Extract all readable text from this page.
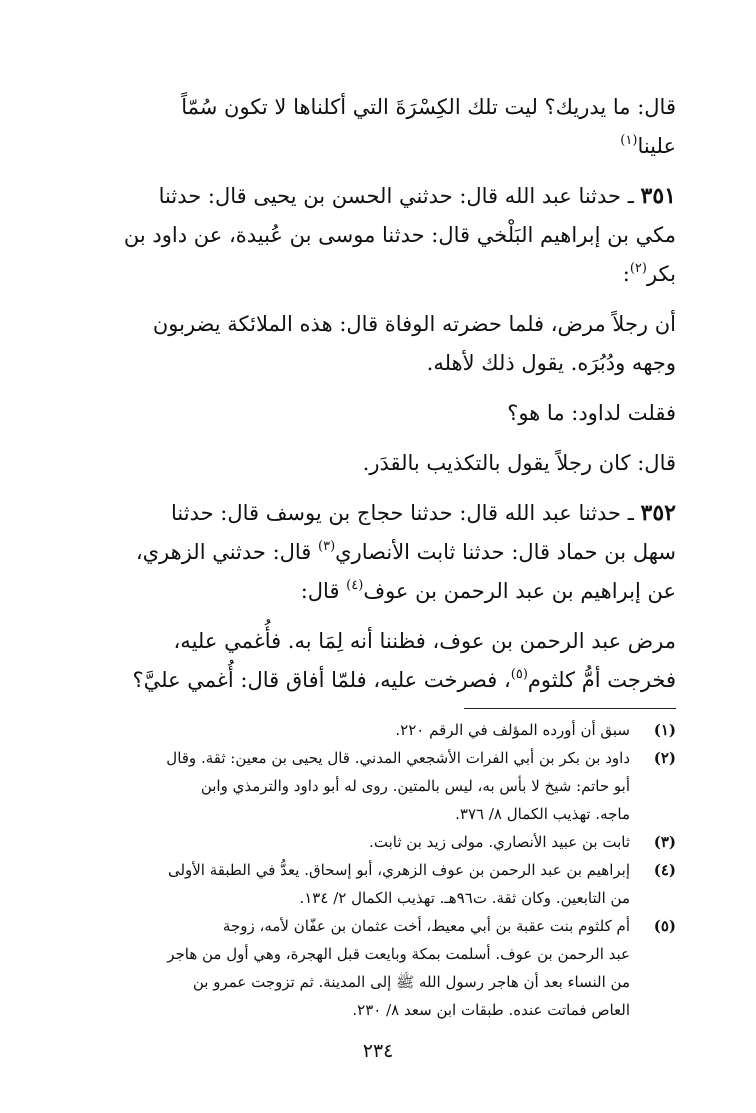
قال: ما يدريك؟ ليت تلك الكِسْرَةَ التي أكلناها لا تكون سُمّاً
علينا$^{(١)}$

٣٥١ ـ حدثنا عبد الله قال: حدثني الحسن بن يحيى قال: حدثنا
مكي بن إبراهيم البَلْخي قال: حدثنا موسى بن عُبيدة، عن داود بن
بكر$^{(٢)}$:

أن رجلاً مرض، فلما حضرته الوفاة قال: هذه الملائكة يضربون
وجهه ودُبُرَه. يقول ذلك لأهله.

فقلت لداود: ما هو؟

قال: كان رجلاً يقول بالتكذيب بالقدَر.

٣٥٢ ـ حدثنا عبد الله قال: حدثنا حجاج بن يوسف قال: حدثنا
سهل بن حماد قال: حدثنا ثابت الأنصاري$^{(٣)}$ قال: حدثني الزهري،
عن إبراهيم بن عبد الرحمن بن عوف$^{(٤)}$ قال:

مرض عبد الرحمن بن عوف، فظننا أنه لِمَا به. فأُغمي عليه،
فخرجت أمُّ كلثوم$^{(٥)}$، فصرخت عليه، فلمّا أفاق قال: أُغمي عليَّ؟

(١)
سبق أن أورده المؤلف في الرقم ٢٢٠.
(٢)
داود بن بكر بن أبي الفرات الأشجعي المدني. قال يحيى بن معين: ثقة. وقال
أبو حاتم: شيخ لا بأس به، ليس بالمتين. روى له أبو داود والترمذي وابن
ماجه. تهذيب الكمال ٨/ ٣٧٦.
(٣)
ثابت بن عبيد الأنصاري. مولى زيد بن ثابت.
(٤)
إبراهيم بن عبد الرحمن بن عوف الزهري، أبو إسحاق. يعدُّ في الطبقة الأولى
من التابعين. وكان ثقة. ت٩٦هـ. تهذيب الكمال ٢/ ١٣٤.
(٥)
أم كلثوم بنت عقبة بن أبي معيط، أخت عثمان بن عفّان لأمه، زوجة
عبد الرحمن بن عوف. أسلمت بمكة وبايعت قبل الهجرة، وهي أول من هاجر
من النساء بعد أن هاجر رسول الله ﷺ إلى المدينة. ثم تزوجت عمرو بن
العاص فماتت عنده. طبقات ابن سعد ٨/ ٢٣٠.
٢٣٤
